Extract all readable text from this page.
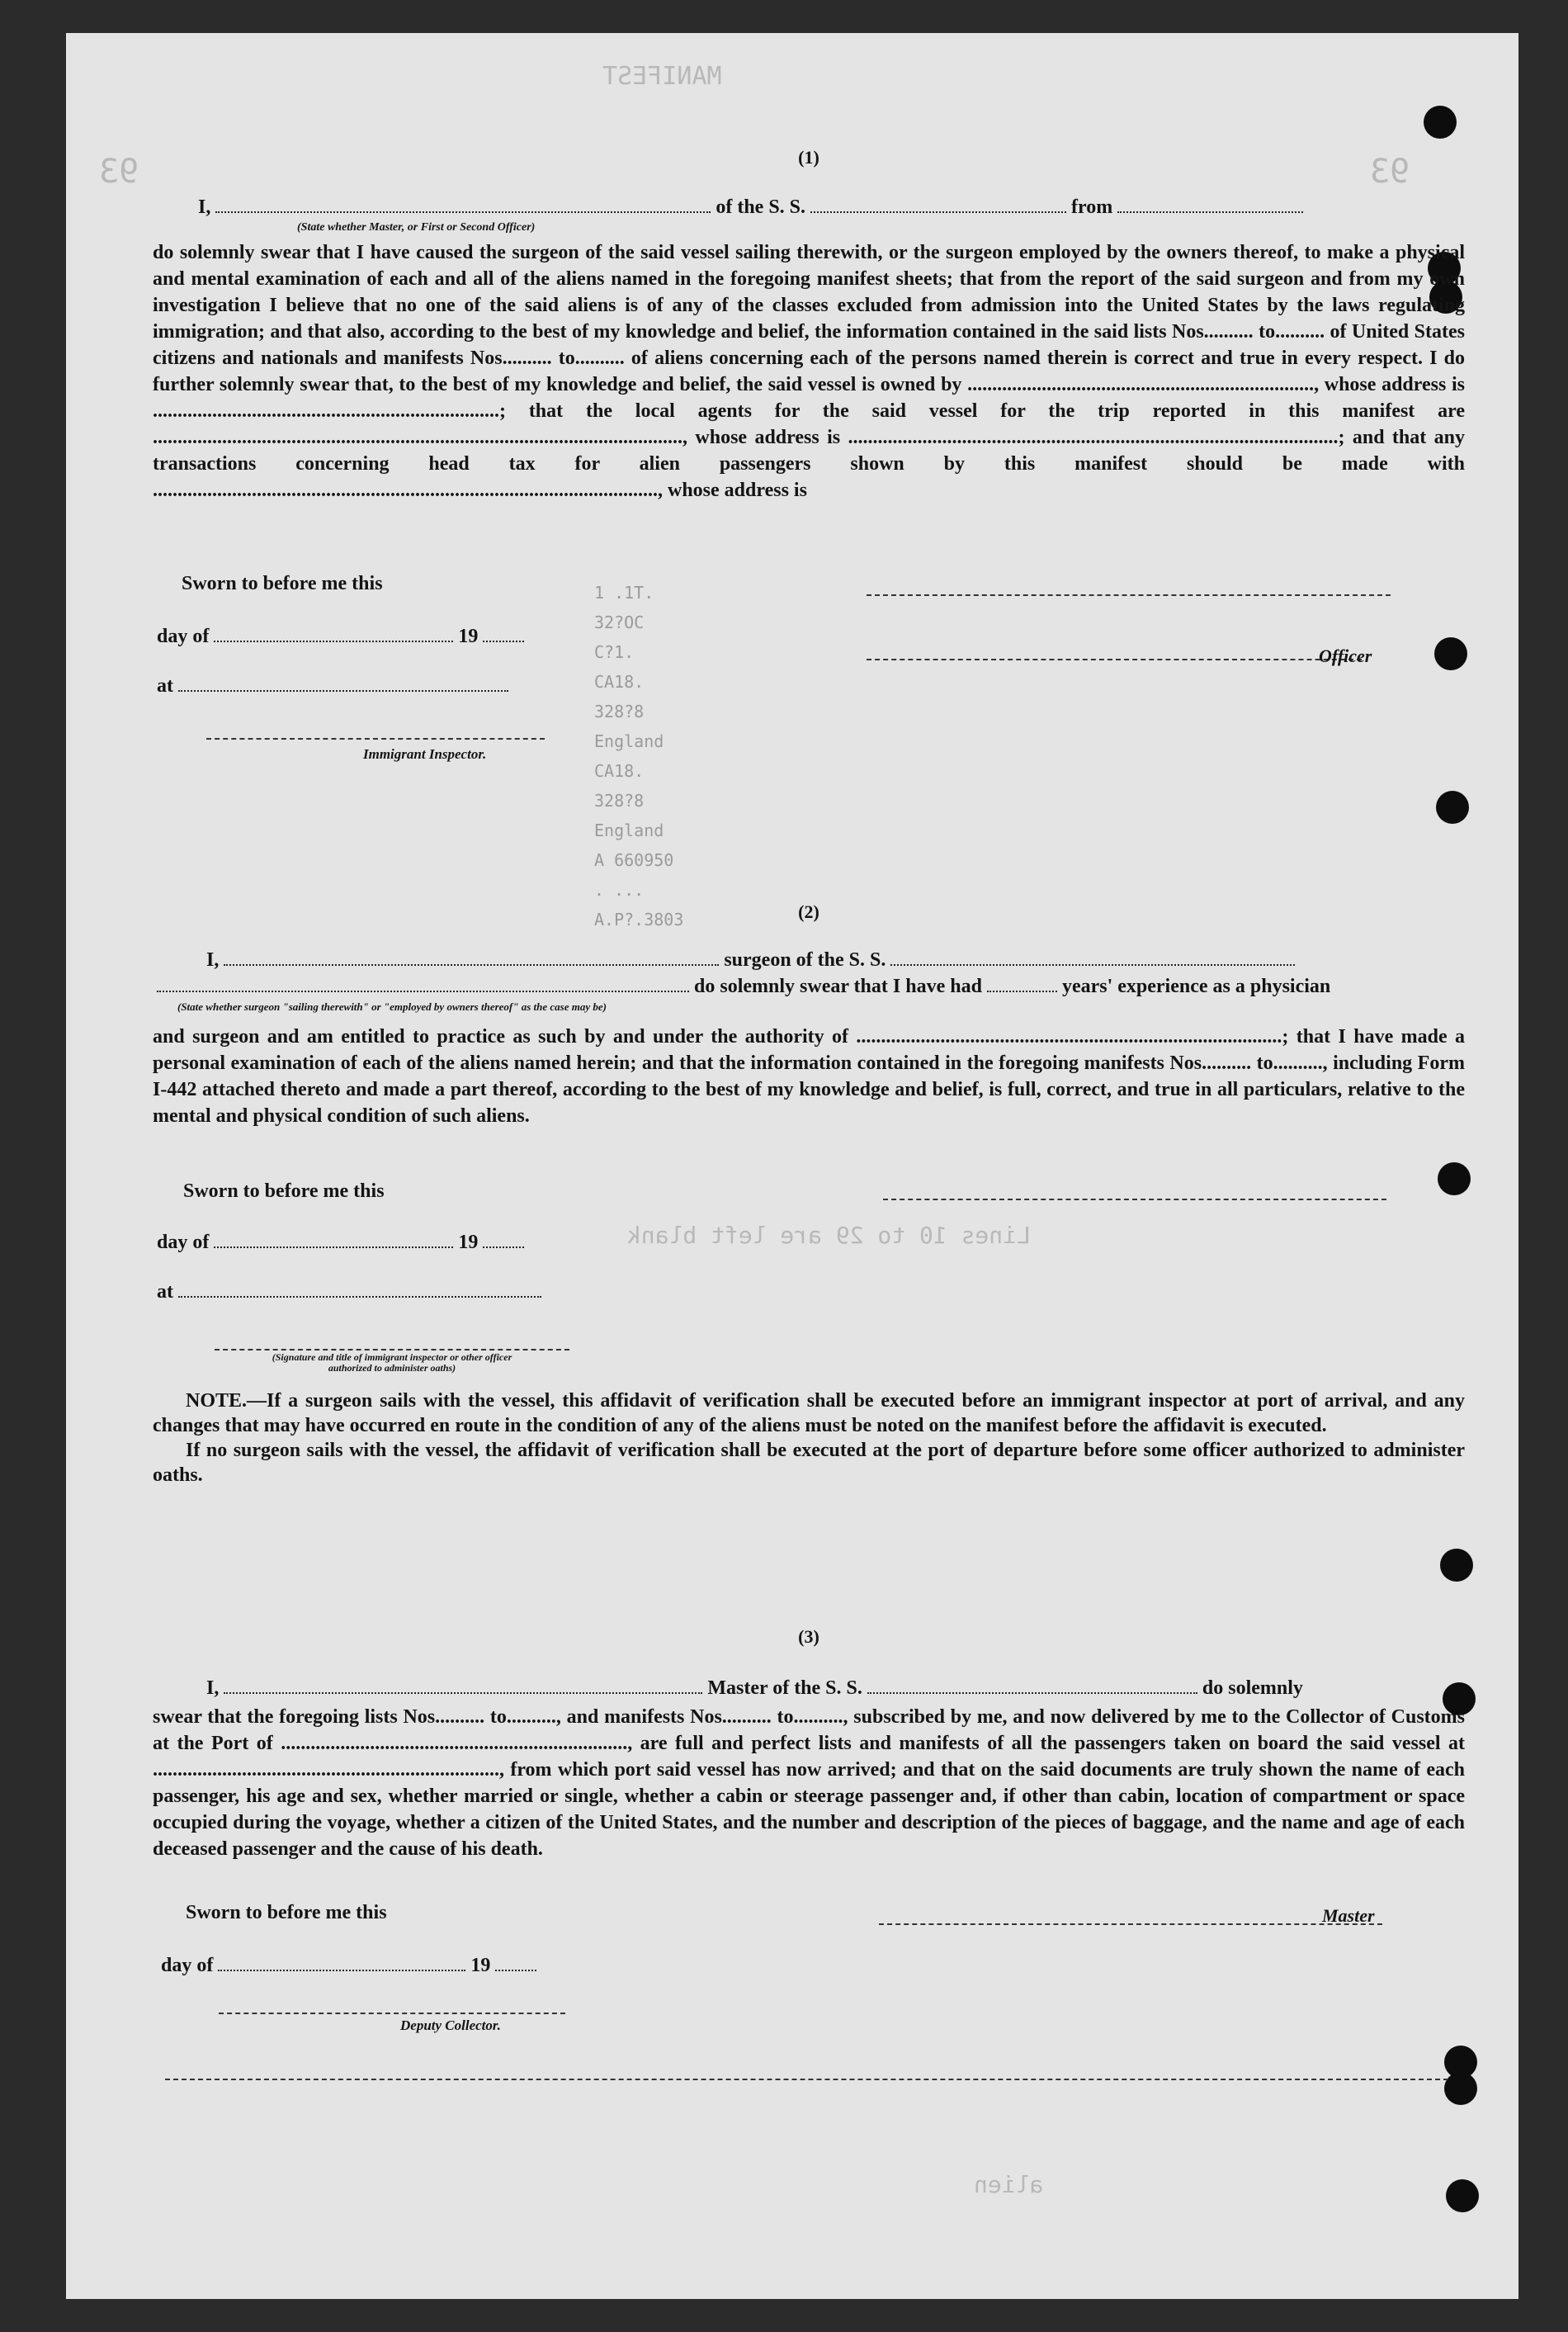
MANIFEST
93	93
Lines 10 to 29 are left blank
alien
(1)
I,	of the S. S.	from
(State whether Master, or First or Second Officer)

do solemnly swear that I have caused the surgeon of the said vessel sailing therewith, or the surgeon employed by the owners thereof, to make a physical and mental examination of each and all of the aliens named in the foregoing manifest sheets; that from the report of the said surgeon and from my own investigation I believe that no one of the said aliens is of any of the classes excluded from admission into the United States by the laws regulating immigration; and that also, according to the best of my knowledge and belief, the information contained in the said lists Nos.......... to.......... of United States citizens and nationals and manifests Nos.......... to.......... of aliens concerning each of the persons named therein is correct and true in every respect. I do further solemnly swear that, to the best of my knowledge and belief, the said vessel is owned by ......................................................................, whose address is ......................................................................; that the local agents for the said vessel for the trip reported in this manifest are ..........................................................................................................., whose address is ...................................................................................................; and that any transactions concerning head tax for alien passengers shown by this manifest should be made with ......................................................................................................, whose address is

Sworn to before me this
day of	19
Officer
at
Immigrant Inspector.
1 .1T.
32?OC
C?1.
CA18.
328?8
England
CA18.
328?8
England
A 660950
. ...
A.P?.3803	(2)
I,	surgeon of the S. S.
do solemnly swear that I have had	years' experience as a physician
(State whether surgeon "sailing therewith" or "employed by owners thereof" as the case may be)

and surgeon and am entitled to practice as such by and under the authority of ......................................................................................; that I have made a personal examination of each of the aliens named herein; and that the information contained in the foregoing manifests Nos.......... to.........., including Form I-442 attached thereto and made a part thereof, according to the best of my knowledge and belief, is full, correct, and true in all particulars, relative to the mental and physical condition of such aliens.

Sworn to before me this
day of	19
at
(Signature and title of immigrant inspector or other officer authorized to administer oaths)

NOTE.—If a surgeon sails with the vessel, this affidavit of verification shall be executed before an immigrant inspector at port of arrival, and any changes that may have occurred en route in the condition of any of the aliens must be noted on the manifest before the affidavit is executed.

If no surgeon sails with the vessel, the affidavit of verification shall be executed at the port of departure before some officer authorized to administer oaths.

(3)
I,	Master of the S. S.	do solemnly

swear that the foregoing lists Nos.......... to.........., and manifests Nos.......... to.........., subscribed by me, and now delivered by me to the Collector of Customs at the Port of ......................................................................, are full and perfect lists and manifests of all the passengers taken on board the said vessel at ......................................................................, from which port said vessel has now arrived; and that on the said documents are truly shown the name of each passenger, his age and sex, whether married or single, whether a cabin or steerage passenger and, if other than cabin, location of compartment or space occupied during the voyage, whether a citizen of the United States, and the number and description of the pieces of baggage, and the name and age of each deceased passenger and the cause of his death.

Sworn to before me this	Master
day of	19
Deputy Collector.
